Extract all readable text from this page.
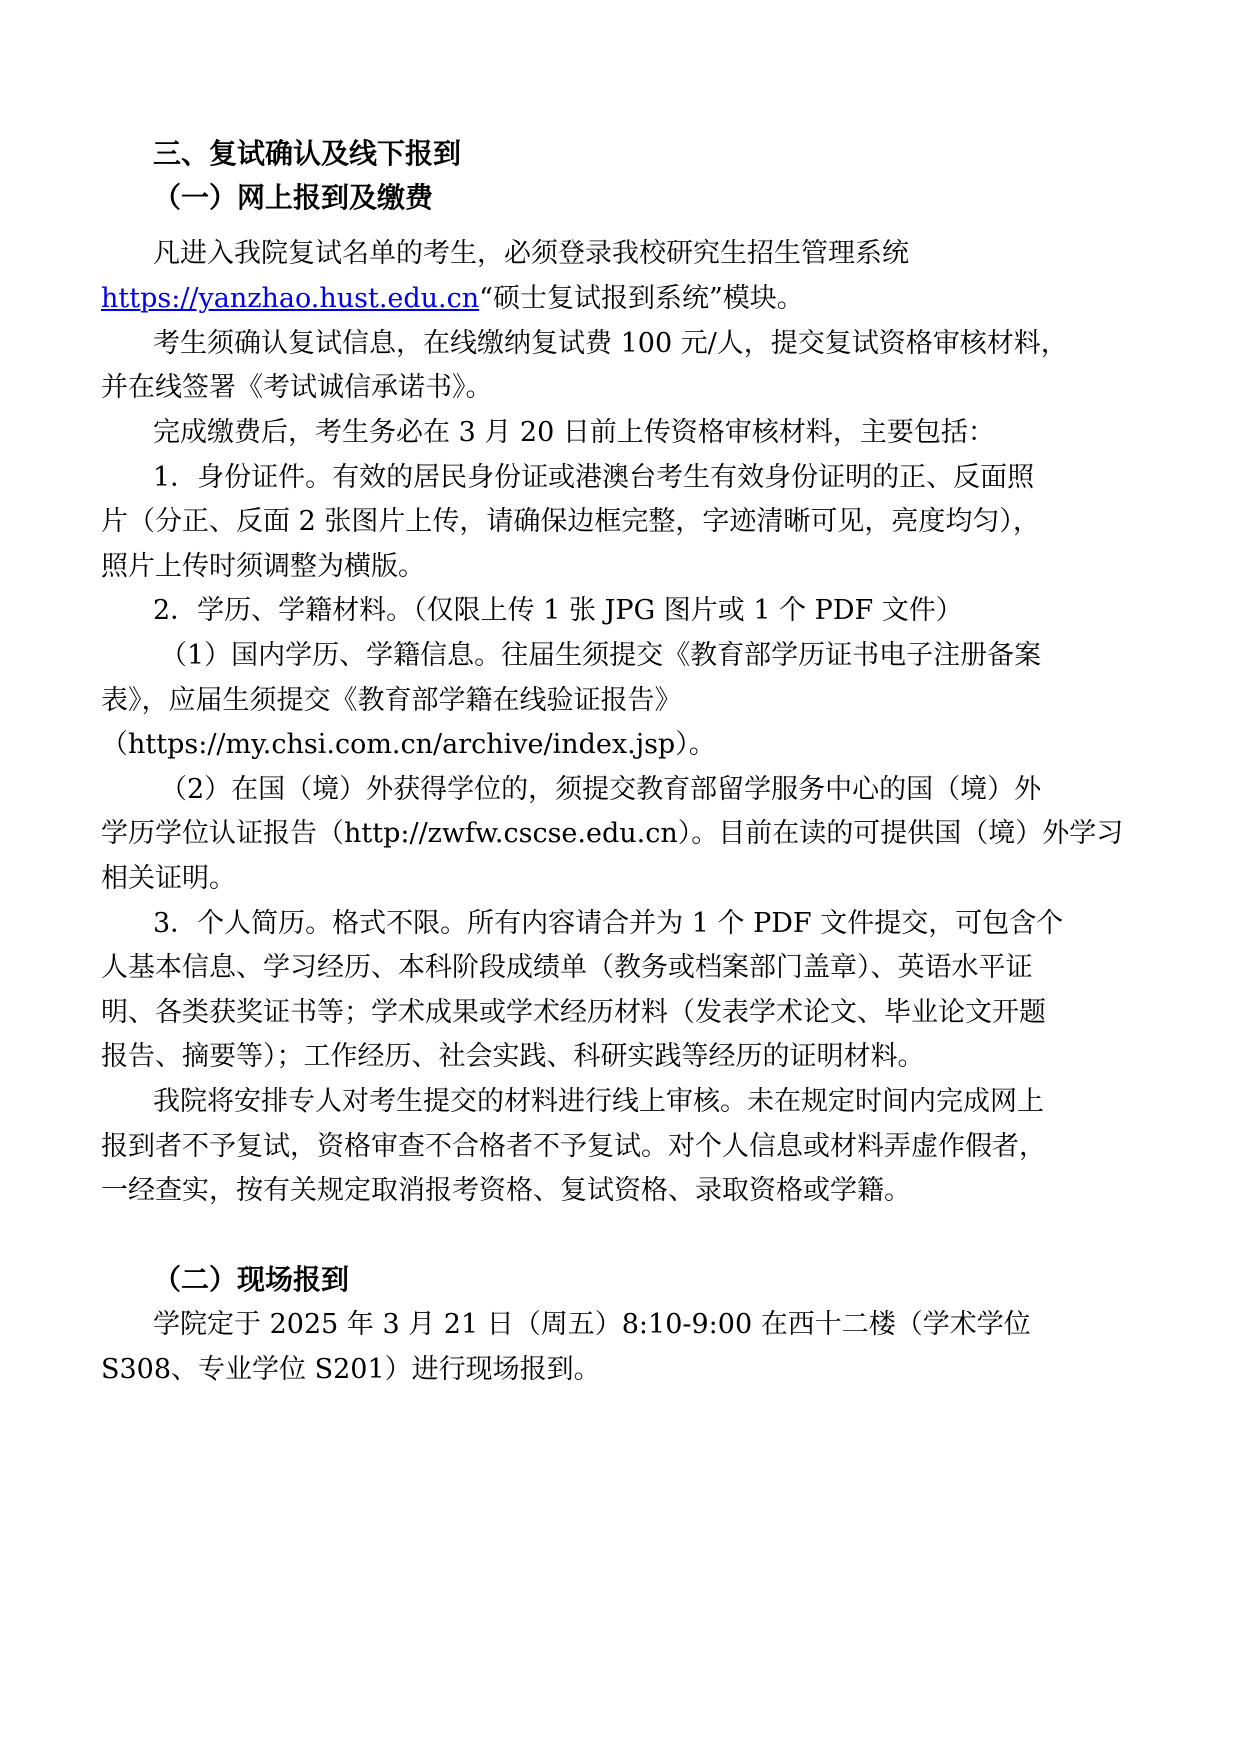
三、复试确认及线下报到

（一）网上报到及缴费

凡进入我院复试名单的考生，必须登录我校研究生招生管理系统

https://yanzhao.hust.edu.cn“硕士复试报到系统”模块。

考生须确认复试信息，在线缴纳复试费 100 元/人，提交复试资格审核材料，

并在线签署《考试诚信承诺书》。

完成缴费后，考生务必在 3 月 20 日前上传资格审核材料，主要包括：

1．身份证件。有效的居民身份证或港澳台考生有效身份证明的正、反面照

片（分正、反面 2 张图片上传，请确保边框完整，字迹清晰可见，亮度均匀），

照片上传时须调整为横版。

2．学历、学籍材料。（仅限上传 1 张 JPG 图片或 1 个 PDF 文件）

（1）国内学历、学籍信息。往届生须提交《教育部学历证书电子注册备案

表》，应届生须提交《教育部学籍在线验证报告》

（https://my.chsi.com.cn/archive/index.jsp）。

（2）在国（境）外获得学位的，须提交教育部留学服务中心的国（境）外

学历学位认证报告（http://zwfw.cscse.edu.cn）。目前在读的可提供国（境）外学习

相关证明。

3．个人简历。格式不限。所有内容请合并为 1 个 PDF 文件提交，可包含个

人基本信息、学习经历、本科阶段成绩单（教务或档案部门盖章）、英语水平证

明、各类获奖证书等；学术成果或学术经历材料（发表学术论文、毕业论文开题

报告、摘要等）；工作经历、社会实践、科研实践等经历的证明材料。

我院将安排专人对考生提交的材料进行线上审核。未在规定时间内完成网上

报到者不予复试，资格审查不合格者不予复试。对个人信息或材料弄虚作假者，

一经查实，按有关规定取消报考资格、复试资格、录取资格或学籍。

（二）现场报到

学院定于 2025 年 3 月 21 日（周五）8:10-9:00 在西十二楼（学术学位

S308、专业学位 S201）进行现场报到。
